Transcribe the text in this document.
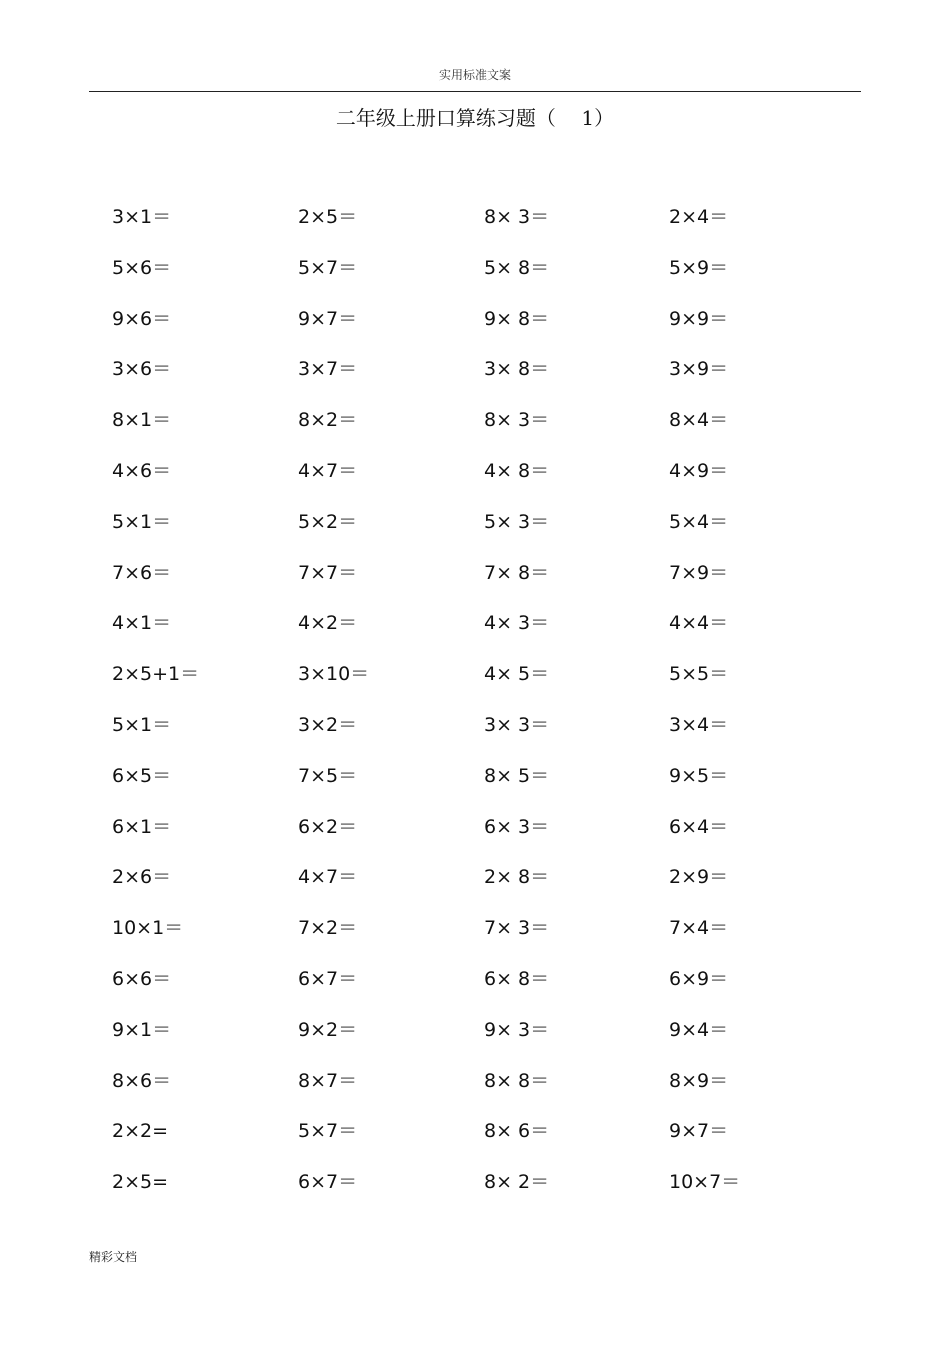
实用标准文案
二年级上册口算练习题（    1）
3×1＝	2×5＝	8× 3＝	2×4＝
5×6＝	5×7＝	5× 8＝	5×9＝
9×6＝	9×7＝	9× 8＝	9×9＝
3×6＝	3×7＝	3× 8＝	3×9＝
8×1＝	8×2＝	8× 3＝	8×4＝
4×6＝	4×7＝	4× 8＝	4×9＝
5×1＝	5×2＝	5× 3＝	5×4＝
7×6＝	7×7＝	7× 8＝	7×9＝
4×1＝	4×2＝	4× 3＝	4×4＝
2×5+1＝	3×10＝	4× 5＝	5×5＝
5×1＝	3×2＝	3× 3＝	3×4＝
6×5＝	7×5＝	8× 5＝	9×5＝
6×1＝	6×2＝	6× 3＝	6×4＝
2×6＝	4×7＝	2× 8＝	2×9＝
10×1＝	7×2＝	7× 3＝	7×4＝
6×6＝	6×7＝	6× 8＝	6×9＝
9×1＝	9×2＝	9× 3＝	9×4＝
8×6＝	8×7＝	8× 8＝	8×9＝
2×2=	5×7＝	8× 6＝	9×7＝
2×5=	6×7＝	8× 2＝	10×7＝
精彩文档
